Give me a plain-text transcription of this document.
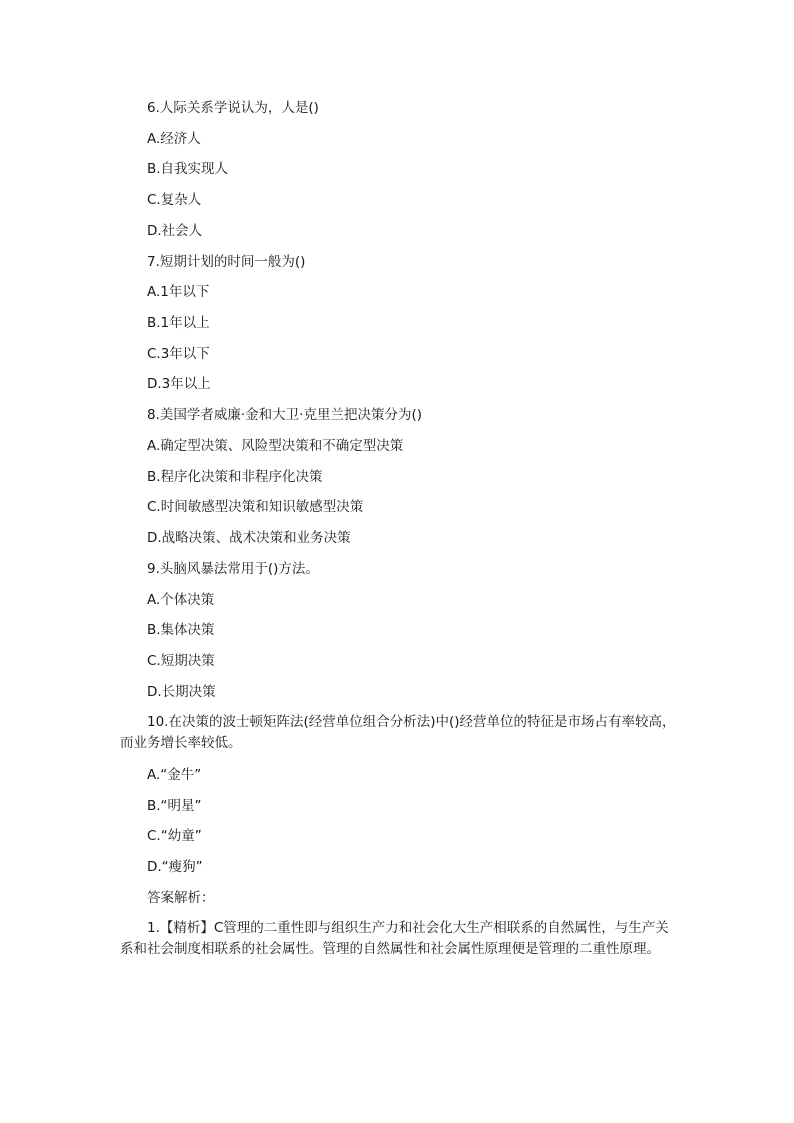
6.人际关系学说认为，人是()
A.经济人
B.自我实现人
C.复杂人
D.社会人
7.短期计划的时间一般为()
A.1年以下
B.1年以上
C.3年以下
D.3年以上
8.美国学者威廉·金和大卫·克里兰把决策分为()
A.确定型决策、风险型决策和不确定型决策
B.程序化决策和非程序化决策
C.时间敏感型决策和知识敏感型决策
D.战略决策、战术决策和业务决策
9.头脑风暴法常用于()方法。
A.个体决策
B.集体决策
C.短期决策
D.长期决策
10.在决策的波士顿矩阵法(经营单位组合分析法)中()经营单位的特征是市场占有率较高，而业务增长率较低。
A.“金牛”
B.“明星”
C.“幼童”
D.“瘦狗”
答案解析：
1.【精析】C管理的二重性即与组织生产力和社会化大生产相联系的自然属性，与生产关系和社会制度相联系的社会属性。管理的自然属性和社会属性原理便是管理的二重性原理。
